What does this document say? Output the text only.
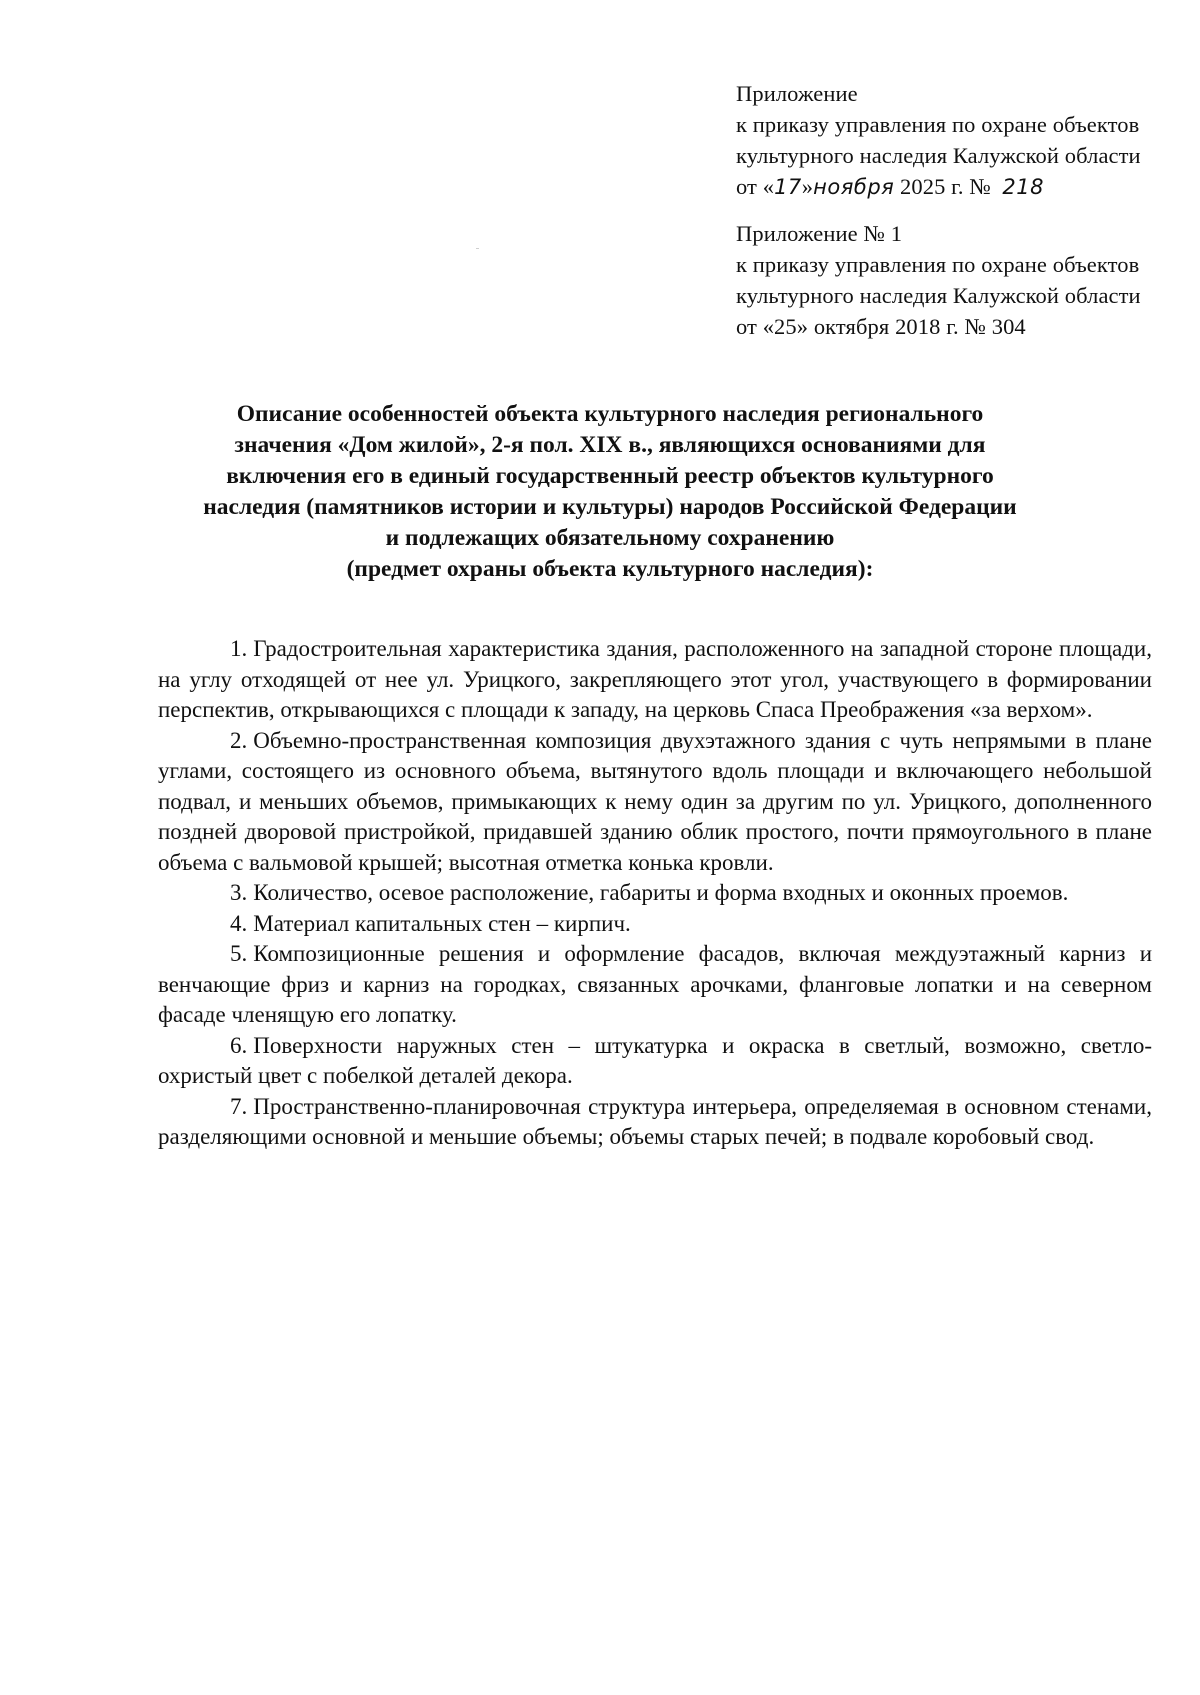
Приложение
к приказу управления по охране объектов
культурного наследия Калужской области
от «17»ноября 2025 г. № 218
Приложение № 1
к приказу управления по охране объектов
культурного наследия Калужской области
от «25» октября 2018 г. № 304
Описание особенностей объекта культурного наследия регионального
значения «Дом жилой», 2-я пол. XIX в., являющихся основаниями для
включения его в единый государственный реестр объектов культурного
наследия (памятников истории и культуры) народов Российской Федерации
и подлежащих обязательному сохранению
(предмет охраны объекта культурного наследия):

1. Градостроительная характеристика здания, расположенного на западной стороне площади, на углу отходящей от нее ул. Урицкого, закрепляющего этот угол, участвующего в формировании перспектив, открывающихся с площади к западу, на церковь Спаса Преображения «за верхом».

2. Объемно-пространственная композиция двухэтажного здания с чуть непрямыми в плане углами, состоящего из основного объема, вытянутого вдоль площади и включающего небольшой подвал, и меньших объемов, примыкающих к нему один за другим по ул. Урицкого, дополненного поздней дворовой пристройкой, придавшей зданию облик простого, почти прямоугольного в плане объема с вальмовой крышей; высотная отметка конька кровли.

3. Количество, осевое расположение, габариты и форма входных и оконных проемов.

4. Материал капитальных стен – кирпич.

5. Композиционные решения и оформление фасадов, включая междуэтажный карниз и венчающие фриз и карниз на городках, связанных арочками, фланговые лопатки и на северном фасаде членящую его лопатку.

6. Поверхности наружных стен – штукатурка и окраска в светлый, возможно, светло-охристый цвет с побелкой деталей декора.

7. Пространственно-планировочная структура интерьера, определяемая в основном стенами, разделяющими основной и меньшие объемы; объемы старых печей; в подвале коробовый свод.
